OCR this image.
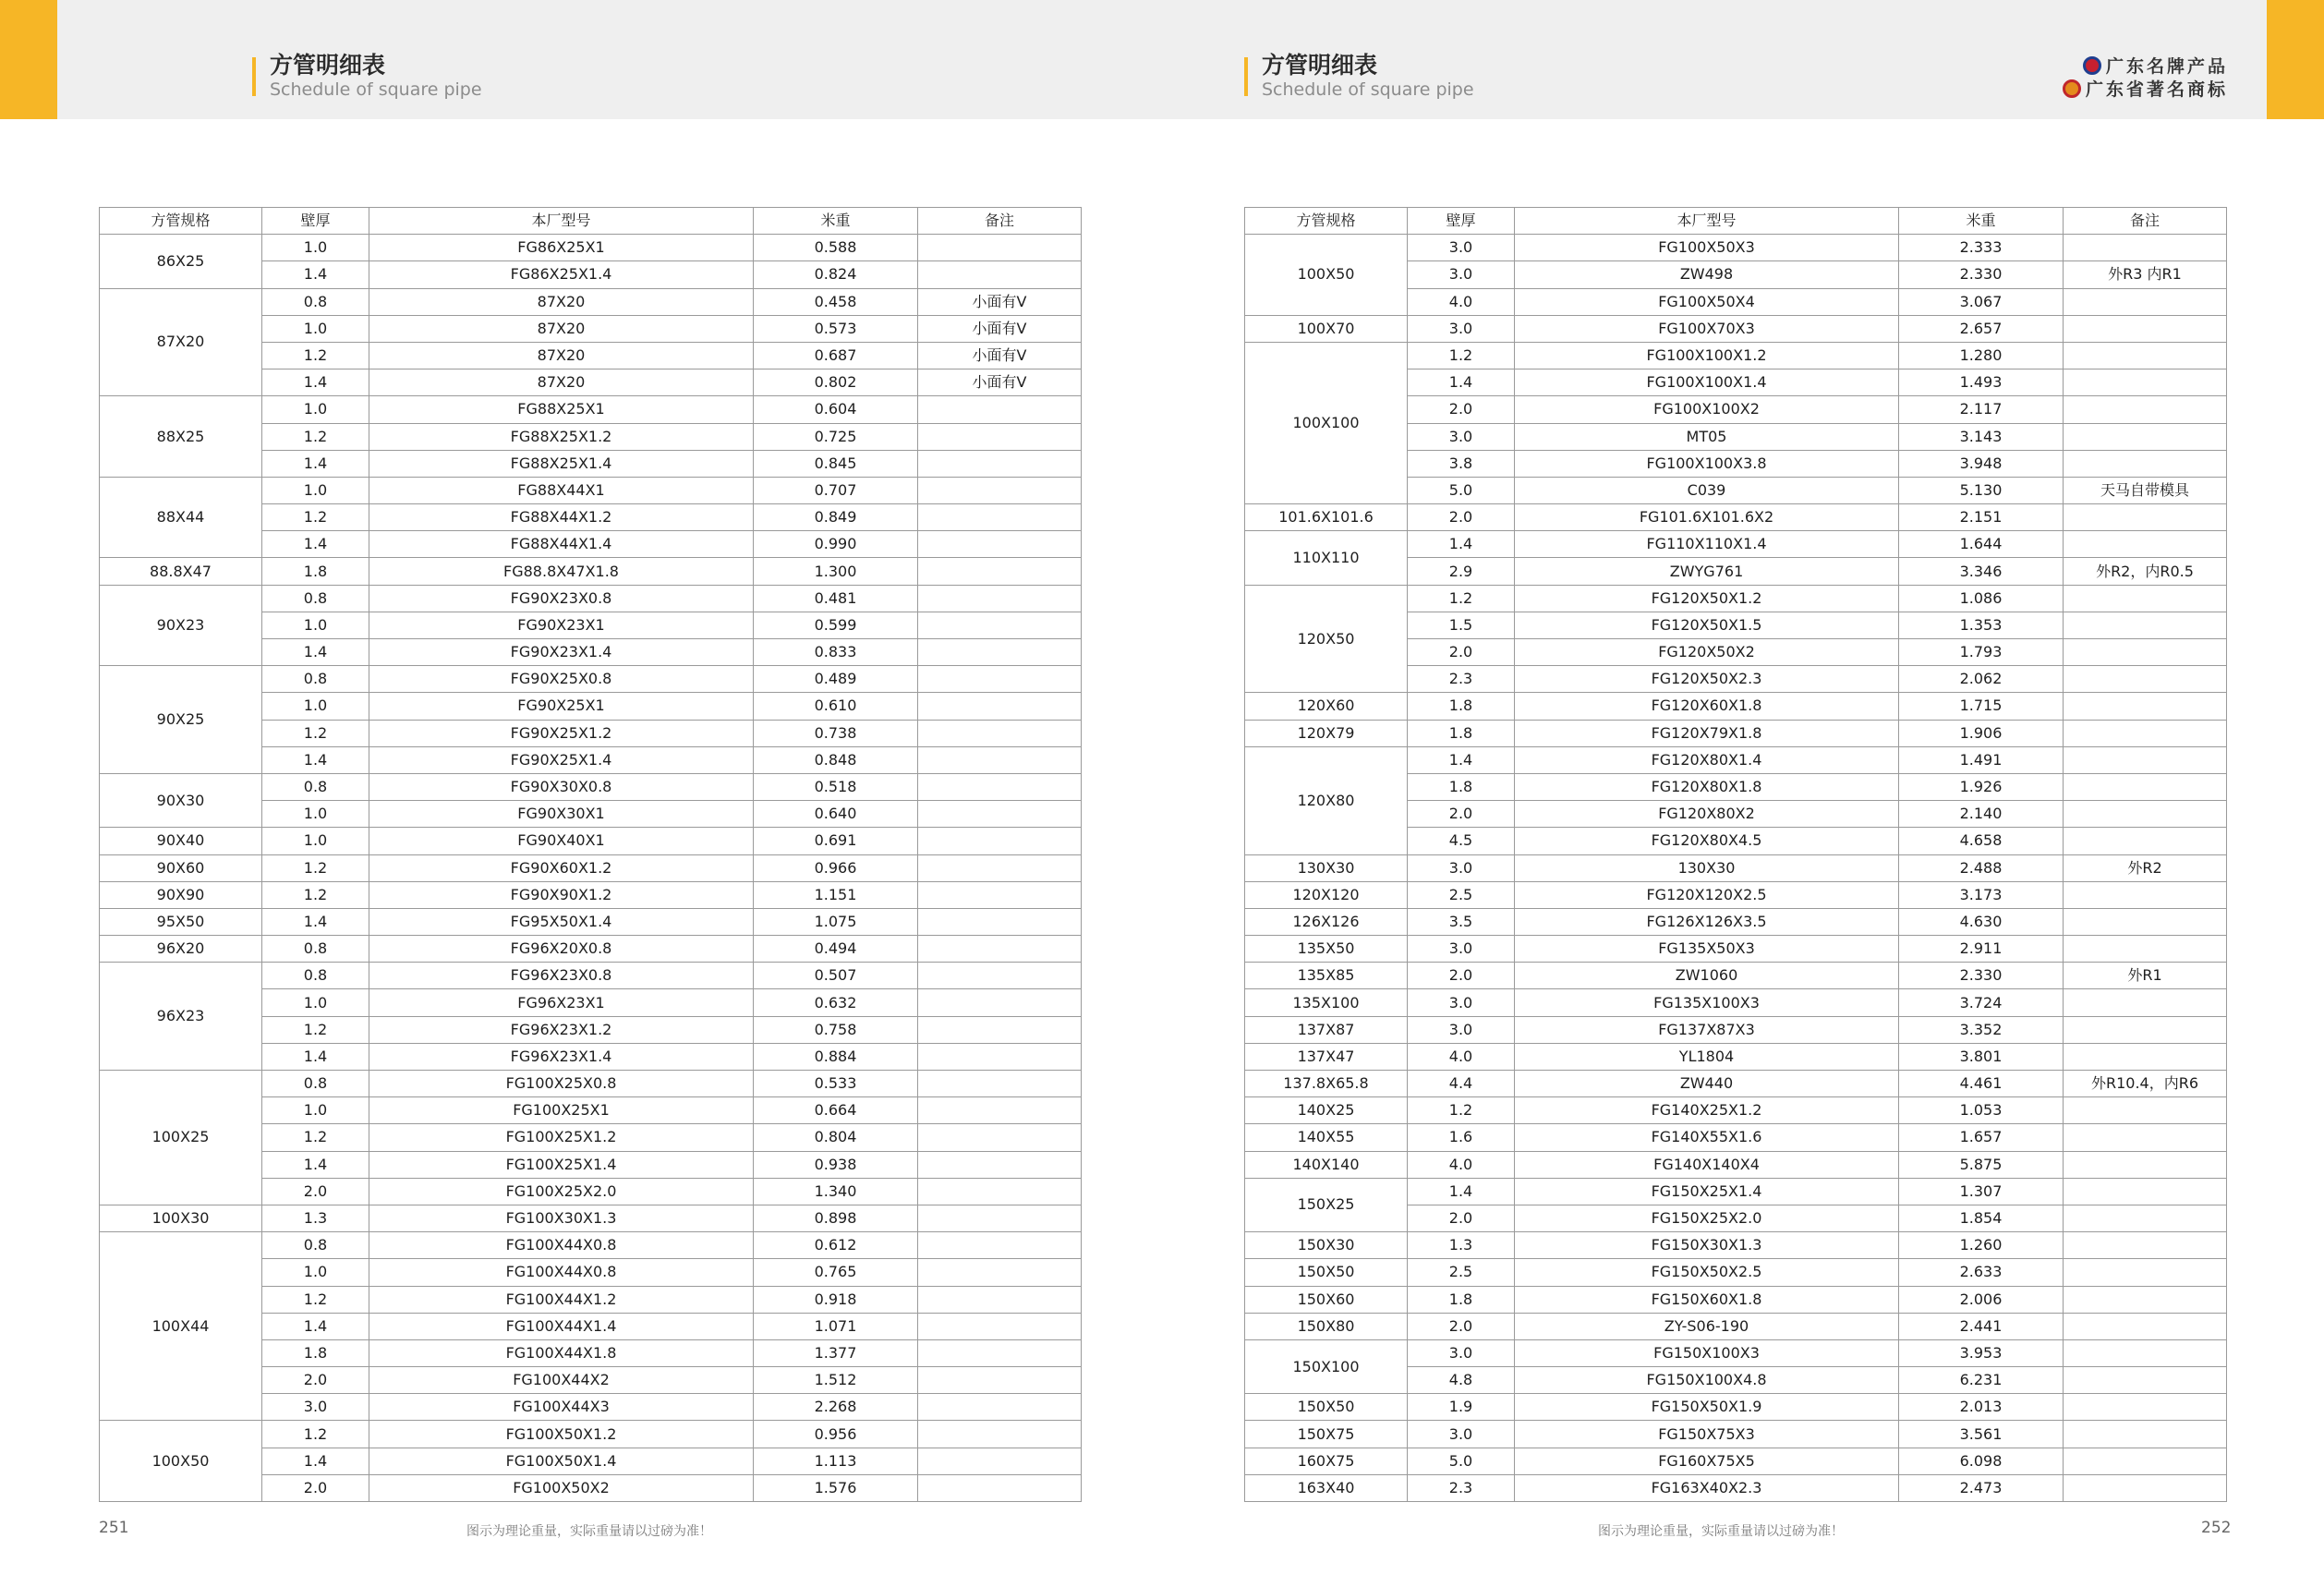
方管明细表
Schedule of square pipe
方管明细表
Schedule of square pipe
广东名牌产品
广东省著名商标
方管规格	壁厚	本厂型号	米重	备注
86X25	1.0	FG86X25X1	0.588	
	1.4	FG86X25X1.4	0.824	
87X20	0.8	87X20	0.458	小面有V
	1.0	87X20	0.573	小面有V
	1.2	87X20	0.687	小面有V
	1.4	87X20	0.802	小面有V
88X25	1.0	FG88X25X1	0.604	
	1.2	FG88X25X1.2	0.725	
	1.4	FG88X25X1.4	0.845	
88X44	1.0	FG88X44X1	0.707	
	1.2	FG88X44X1.2	0.849	
	1.4	FG88X44X1.4	0.990	
88.8X47	1.8	FG88.8X47X1.8	1.300	
90X23	0.8	FG90X23X0.8	0.481	
	1.0	FG90X23X1	0.599	
	1.4	FG90X23X1.4	0.833	
90X25	0.8	FG90X25X0.8	0.489	
	1.0	FG90X25X1	0.610	
	1.2	FG90X25X1.2	0.738	
	1.4	FG90X25X1.4	0.848	
90X30	0.8	FG90X30X0.8	0.518	
	1.0	FG90X30X1	0.640	
90X40	1.0	FG90X40X1	0.691	
90X60	1.2	FG90X60X1.2	0.966	
90X90	1.2	FG90X90X1.2	1.151	
95X50	1.4	FG95X50X1.4	1.075	
96X20	0.8	FG96X20X0.8	0.494	
96X23	0.8	FG96X23X0.8	0.507	
	1.0	FG96X23X1	0.632	
	1.2	FG96X23X1.2	0.758	
	1.4	FG96X23X1.4	0.884	
100X25	0.8	FG100X25X0.8	0.533	
	1.0	FG100X25X1	0.664	
	1.2	FG100X25X1.2	0.804	
	1.4	FG100X25X1.4	0.938	
	2.0	FG100X25X2.0	1.340	
100X30	1.3	FG100X30X1.3	0.898	
100X44	0.8	FG100X44X0.8	0.612	
	1.0	FG100X44X0.8	0.765	
	1.2	FG100X44X1.2	0.918	
	1.4	FG100X44X1.4	1.071	
	1.8	FG100X44X1.8	1.377	
	2.0	FG100X44X2	1.512	
	3.0	FG100X44X3	2.268	
100X50	1.2	FG100X50X1.2	0.956	
	1.4	FG100X50X1.4	1.113	
	2.0	FG100X50X2	1.576	
方管规格	壁厚	本厂型号	米重	备注
100X50	3.0	FG100X50X3	2.333	
	3.0	ZW498	2.330	外R3 内R1
	4.0	FG100X50X4	3.067	
100X70	3.0	FG100X70X3	2.657	
100X100	1.2	FG100X100X1.2	1.280	
	1.4	FG100X100X1.4	1.493	
	2.0	FG100X100X2	2.117	
	3.0	MT05	3.143	
	3.8	FG100X100X3.8	3.948	
	5.0	C039	5.130	天马自带模具
101.6X101.6	2.0	FG101.6X101.6X2	2.151	
110X110	1.4	FG110X110X1.4	1.644	
	2.9	ZWYG761	3.346	外R2，内R0.5
120X50	1.2	FG120X50X1.2	1.086	
	1.5	FG120X50X1.5	1.353	
	2.0	FG120X50X2	1.793	
	2.3	FG120X50X2.3	2.062	
120X60	1.8	FG120X60X1.8	1.715	
120X79	1.8	FG120X79X1.8	1.906	
120X80	1.4	FG120X80X1.4	1.491	
	1.8	FG120X80X1.8	1.926	
	2.0	FG120X80X2	2.140	
	4.5	FG120X80X4.5	4.658	
130X30	3.0	130X30	2.488	外R2
120X120	2.5	FG120X120X2.5	3.173	
126X126	3.5	FG126X126X3.5	4.630	
135X50	3.0	FG135X50X3	2.911	
135X85	2.0	ZW1060	2.330	外R1
135X100	3.0	FG135X100X3	3.724	
137X87	3.0	FG137X87X3	3.352	
137X47	4.0	YL1804	3.801	
137.8X65.8	4.4	ZW440	4.461	外R10.4，内R6
140X25	1.2	FG140X25X1.2	1.053	
140X55	1.6	FG140X55X1.6	1.657	
140X140	4.0	FG140X140X4	5.875	
150X25	1.4	FG150X25X1.4	1.307	
	2.0	FG150X25X2.0	1.854	
150X30	1.3	FG150X30X1.3	1.260	
150X50	2.5	FG150X50X2.5	2.633	
150X60	1.8	FG150X60X1.8	2.006	
150X80	2.0	ZY-S06-190	2.441	
150X100	3.0	FG150X100X3	3.953	
	4.8	FG150X100X4.8	6.231	
150X50	1.9	FG150X50X1.9	2.013	
150X75	3.0	FG150X75X3	3.561	
160X75	5.0	FG160X75X5	6.098	
163X40	2.3	FG163X40X2.3	2.473	
251	图示为理论重量，实际重量请以过磅为准！	图示为理论重量，实际重量请以过磅为准！	252
